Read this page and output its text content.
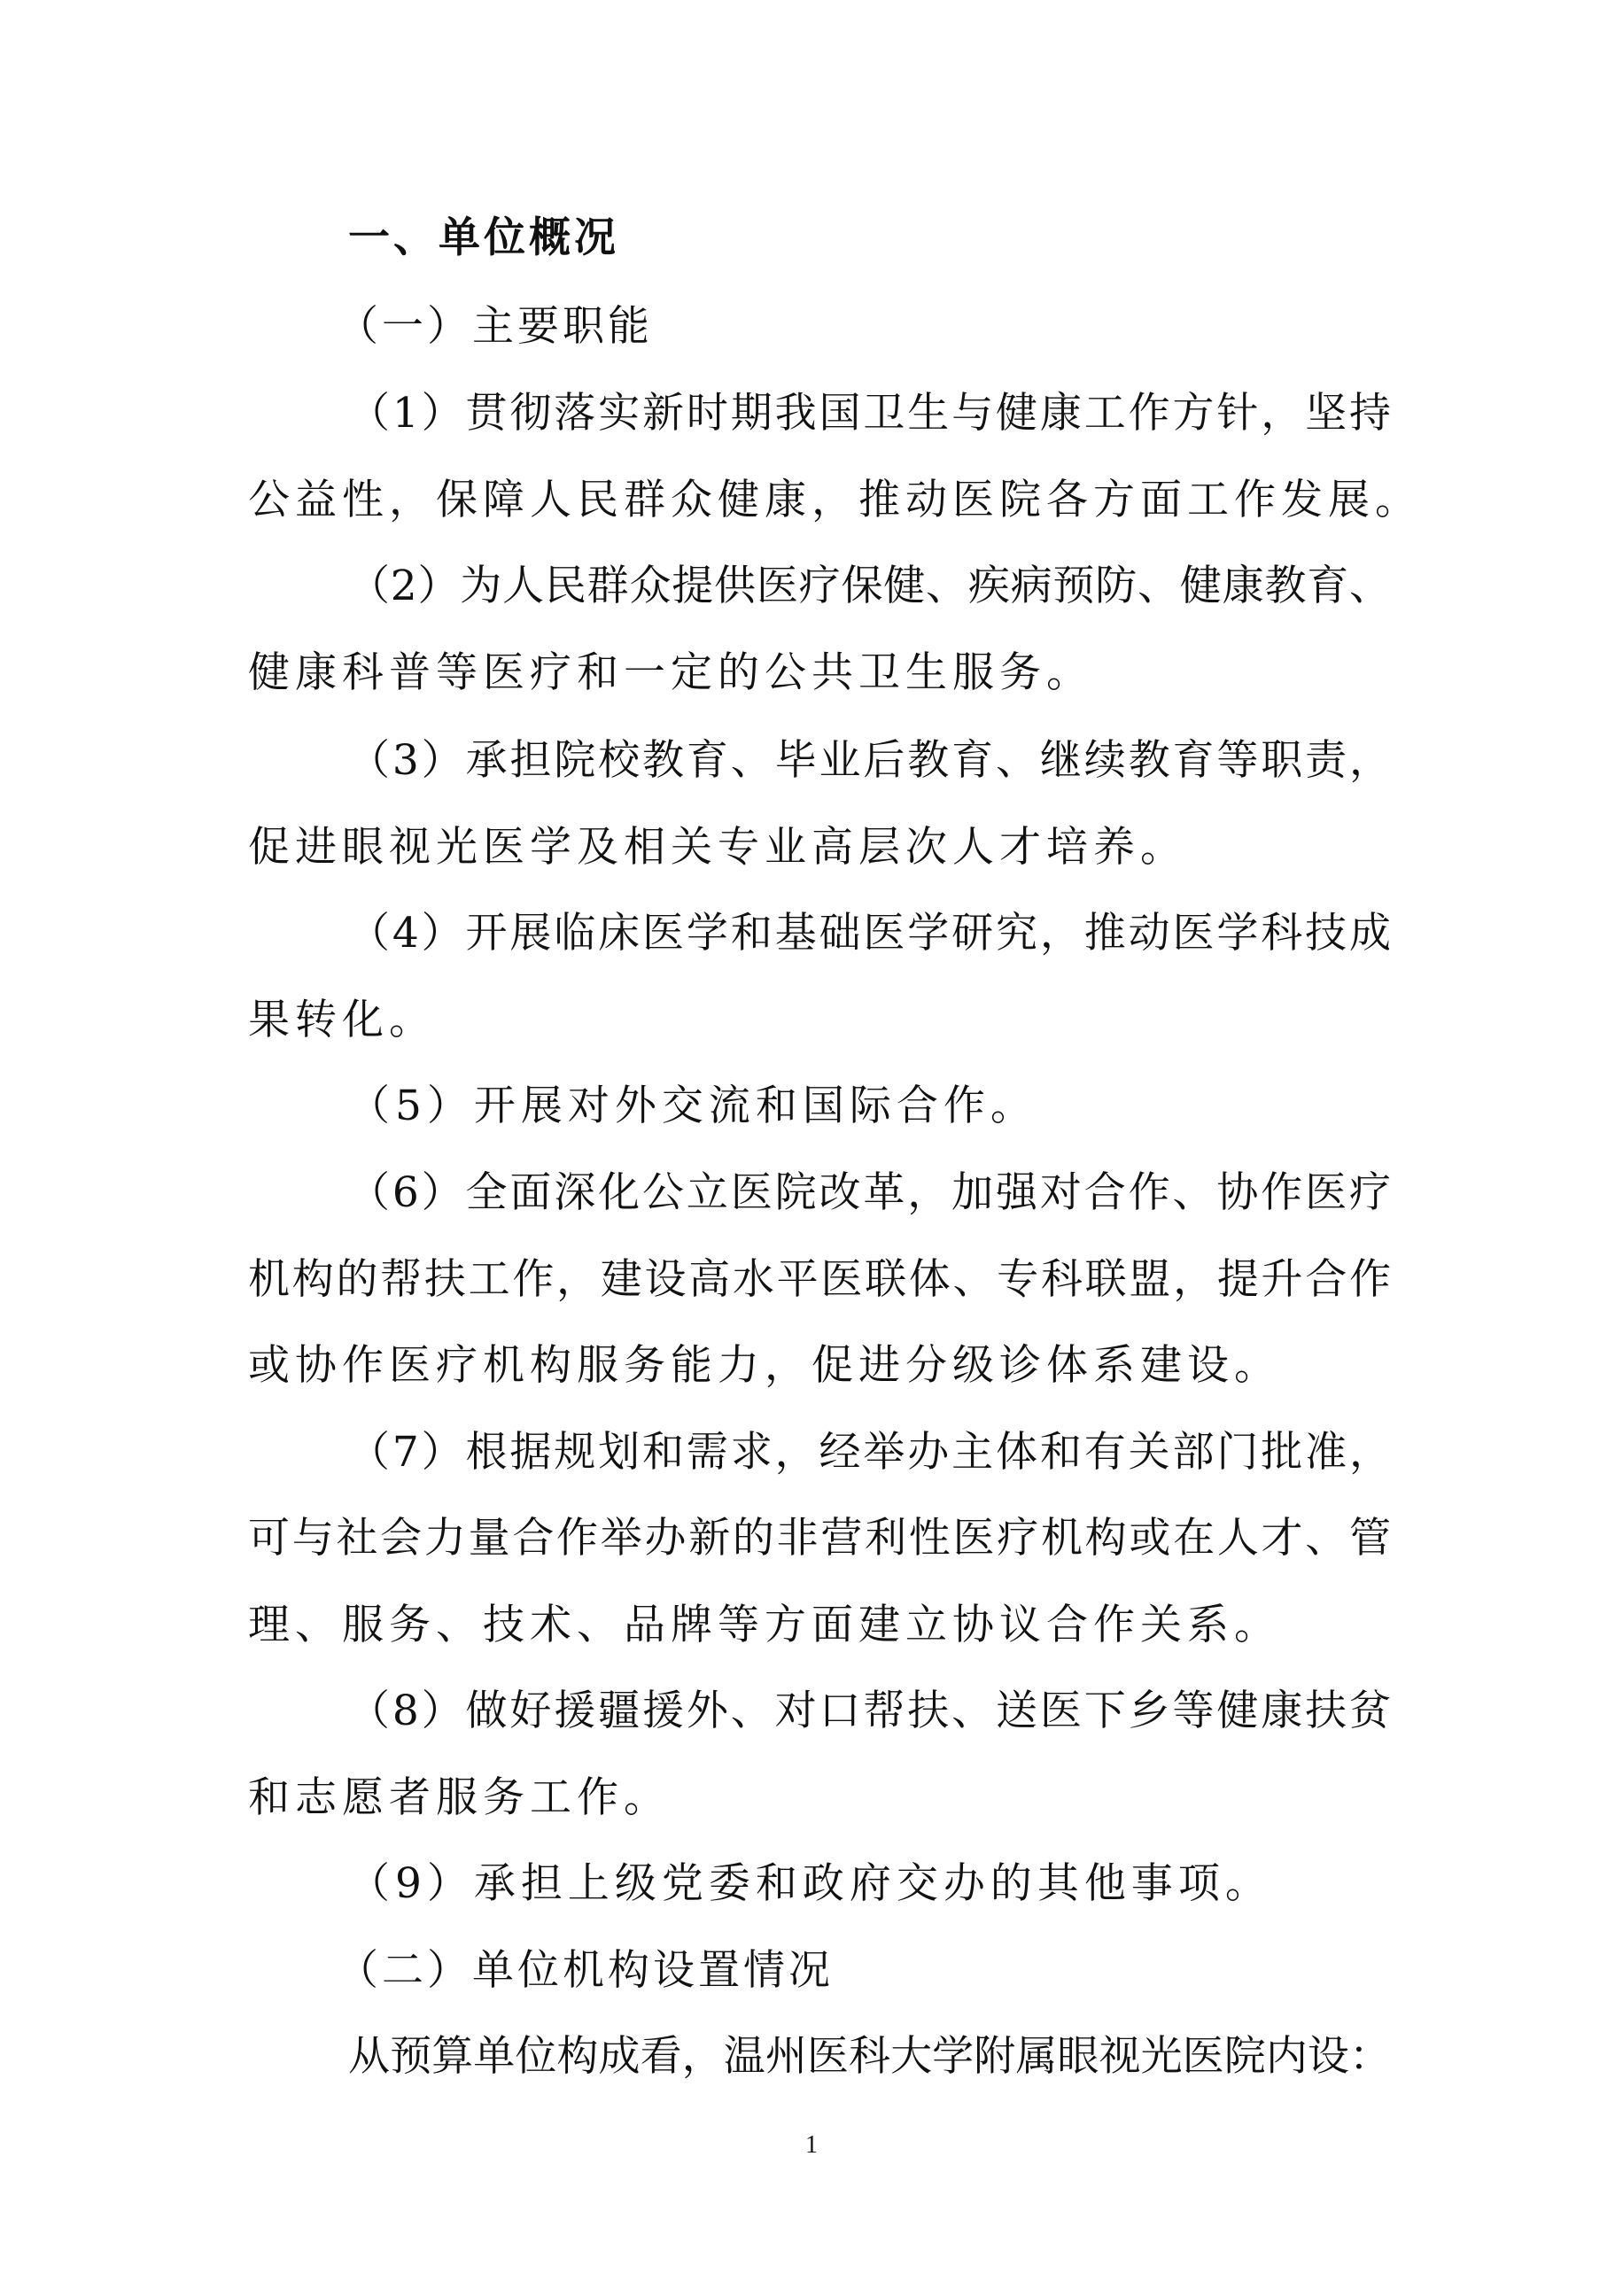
一、单位概况

（一）主要职能

（1）贯彻落实新时期我国卫生与健康工作方针，坚持

公益性，保障人民群众健康，推动医院各方面工作发展。

（2）为人民群众提供医疗保健、疾病预防、健康教育、

健康科普等医疗和一定的公共卫生服务。

（3）承担院校教育、毕业后教育、继续教育等职责，

促进眼视光医学及相关专业高层次人才培养。

（4）开展临床医学和基础医学研究，推动医学科技成

果转化。

（5）开展对外交流和国际合作。

（6）全面深化公立医院改革，加强对合作、协作医疗

机构的帮扶工作，建设高水平医联体、专科联盟，提升合作

或协作医疗机构服务能力，促进分级诊体系建设。

（7）根据规划和需求，经举办主体和有关部门批准，

可与社会力量合作举办新的非营利性医疗机构或在人才、管

理、服务、技术、品牌等方面建立协议合作关系。

（8）做好援疆援外、对口帮扶、送医下乡等健康扶贫

和志愿者服务工作。

（9）承担上级党委和政府交办的其他事项。

（二）单位机构设置情况

从预算单位构成看，温州医科大学附属眼视光医院内设：

1
